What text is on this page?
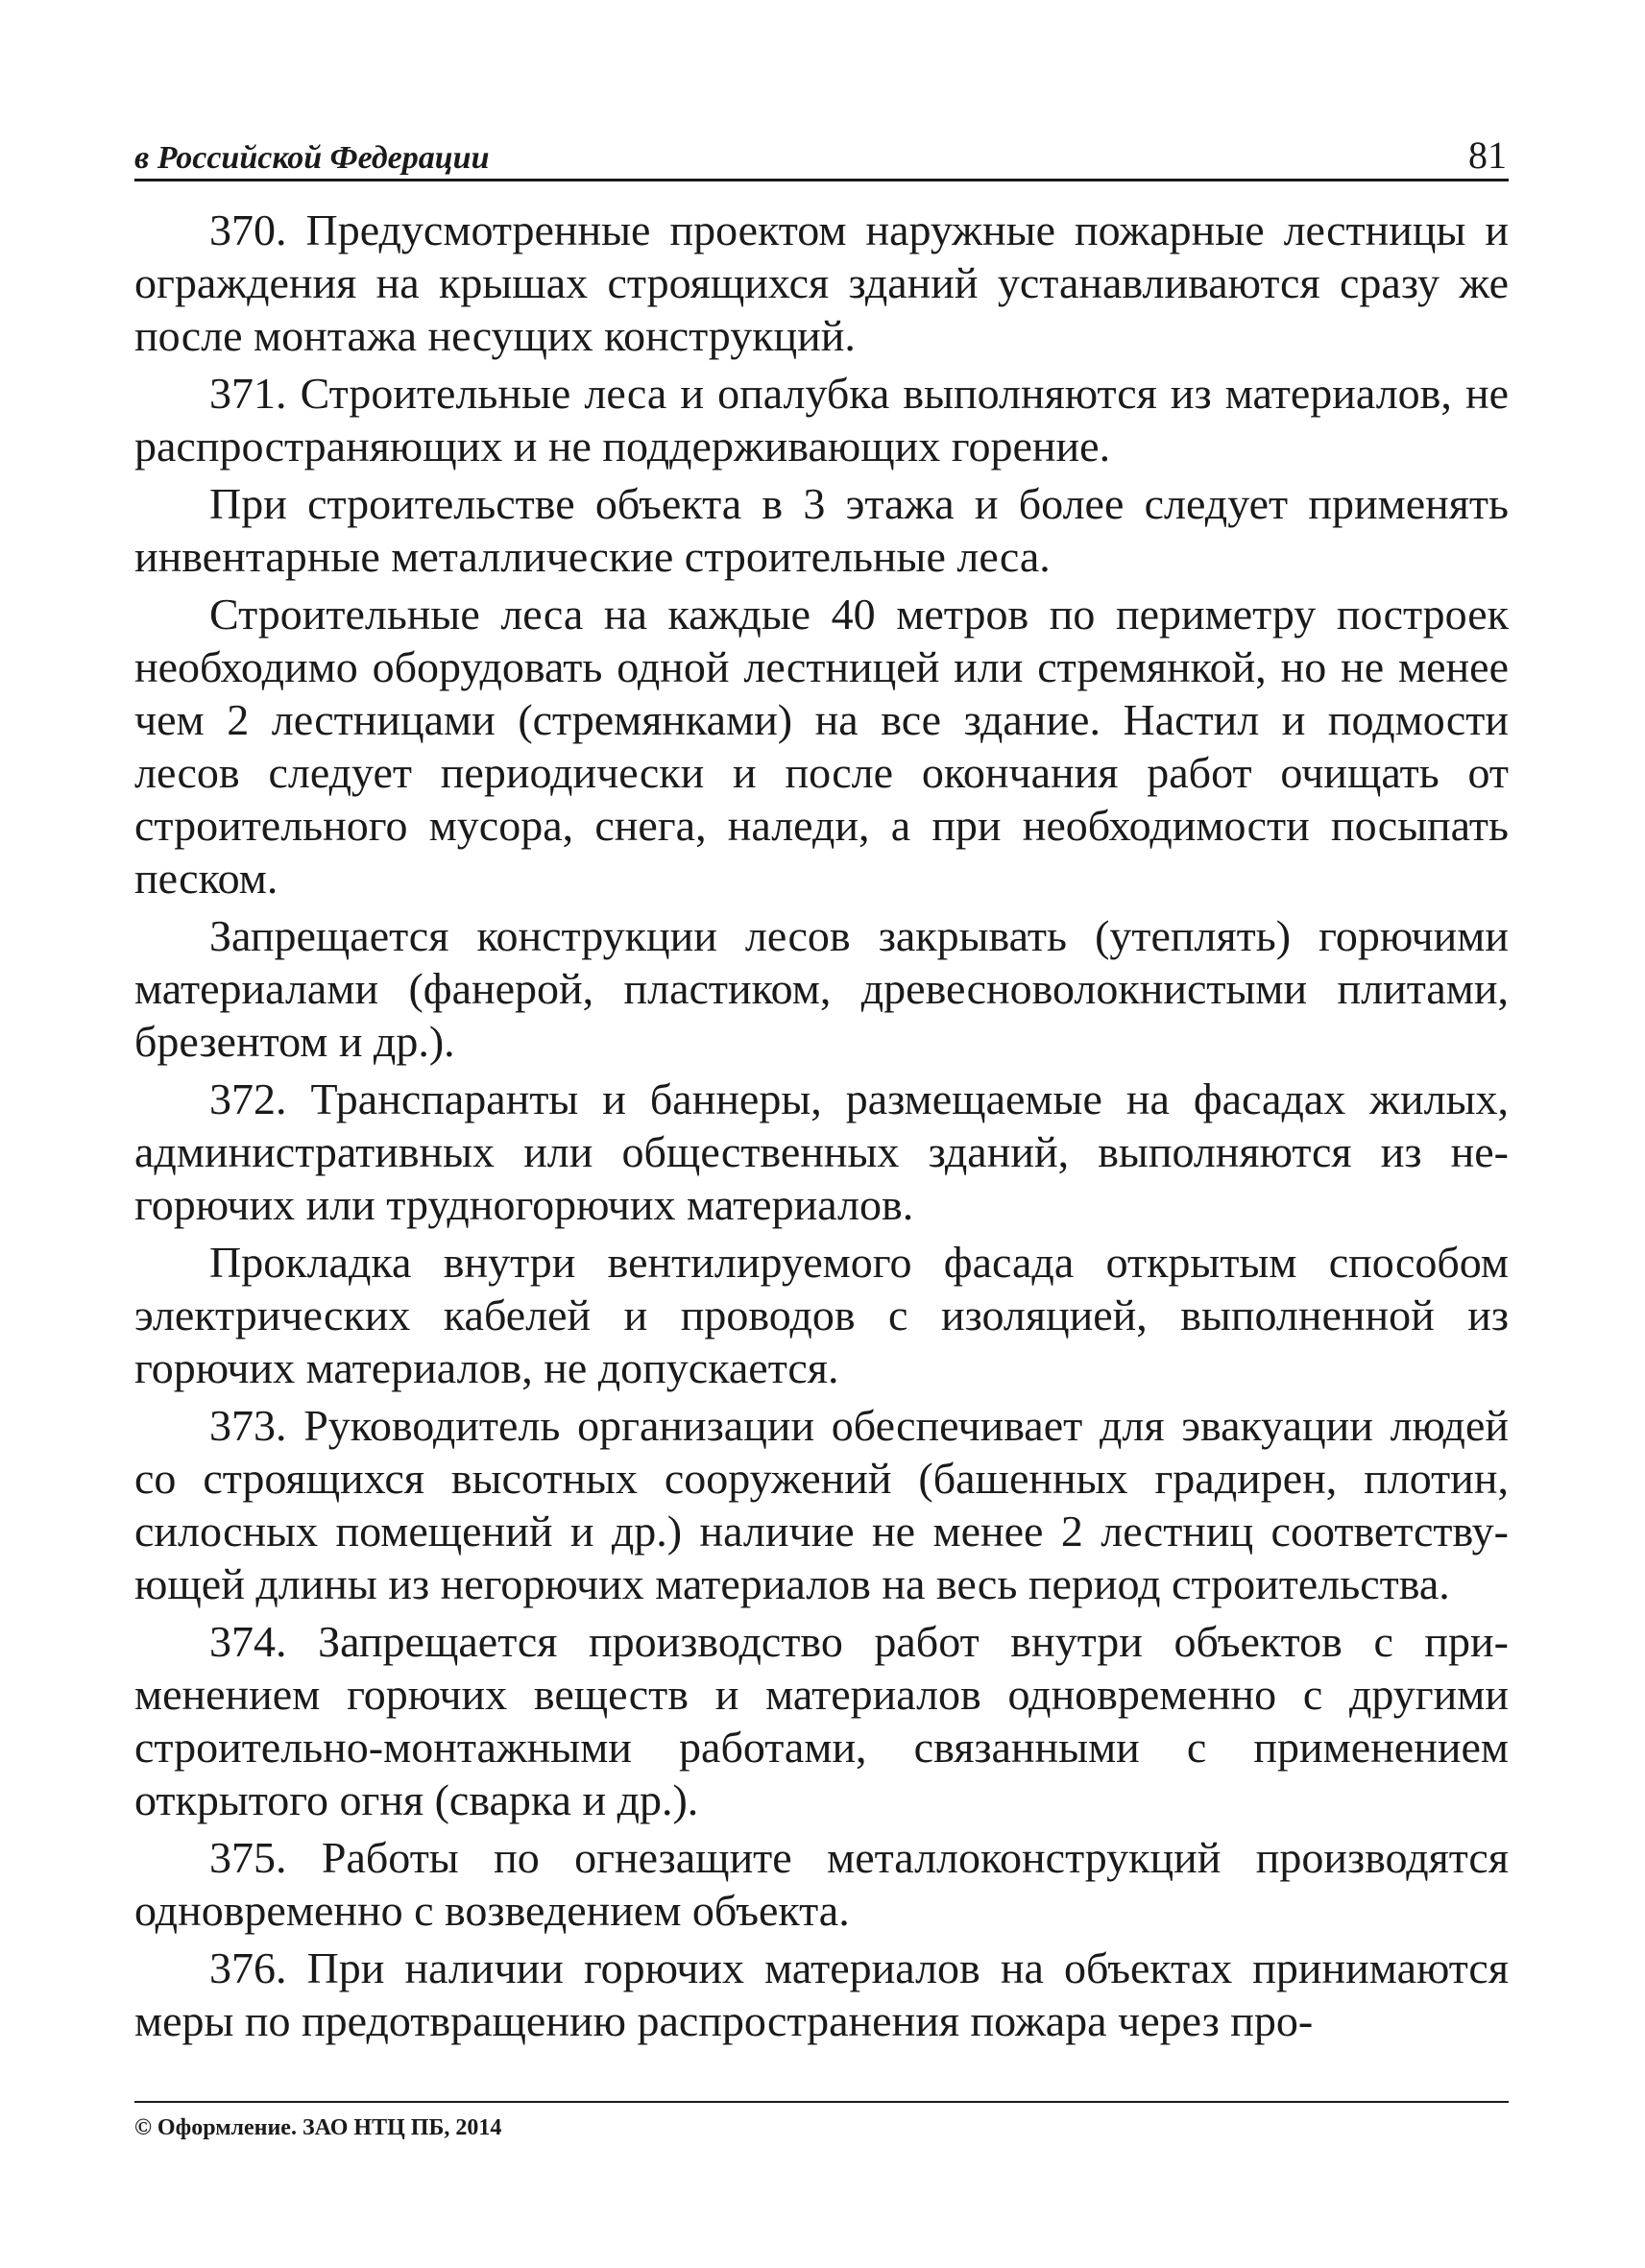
в Российской Федерации	81

370. Предусмотренные проектом наружные пожарные лестницы и ограждения на крышах строящихся зданий устанавливаются сразу же после монтажа несущих конструкций.

371. Строительные леса и опалубка выполняются из материалов, не распространяющих и не поддерживающих горение.

При строительстве объекта в 3 этажа и более следует применять инвентарные металлические строительные леса.

Строительные леса на каждые 40 метров по периметру построек необходимо оборудовать одной лестницей или стремянкой, но не менее чем 2 лестницами (стремянками) на все здание. Настил и подмости лесов следует периодически и после окончания работ очищать от строительного мусора, снега, наледи, а при необходимости посыпать песком.

Запрещается конструкции лесов закрывать (утеплять) горючими материалами (фанерой, пластиком, древесноволокнистыми плитами, брезентом и др.).

372. Транспаранты и баннеры, размещаемые на фасадах жилых, административных или общественных зданий, выполняются из негорючих или трудногорючих материалов.

Прокладка внутри вентилируемого фасада открытым способом электрических кабелей и проводов с изоляцией, выполненной из горючих материалов, не допускается.

373. Руководитель организации обеспечивает для эвакуации людей со строящихся высотных сооружений (башенных градирен, плотин, силосных помещений и др.) наличие не менее 2 лестниц соответствующей длины из негорючих материалов на весь период строительства.

374. Запрещается производство работ внутри объектов с применением горючих веществ и материалов одновременно с другими строительно-монтажными работами, связанными с применением открытого огня (сварка и др.).

375. Работы по огнезащите металлоконструкций производятся одновременно с возведением объекта.

376. При наличии горючих материалов на объектах принимаются меры по предотвращению распространения пожара через про-

© Оформление. ЗАО НТЦ ПБ, 2014
